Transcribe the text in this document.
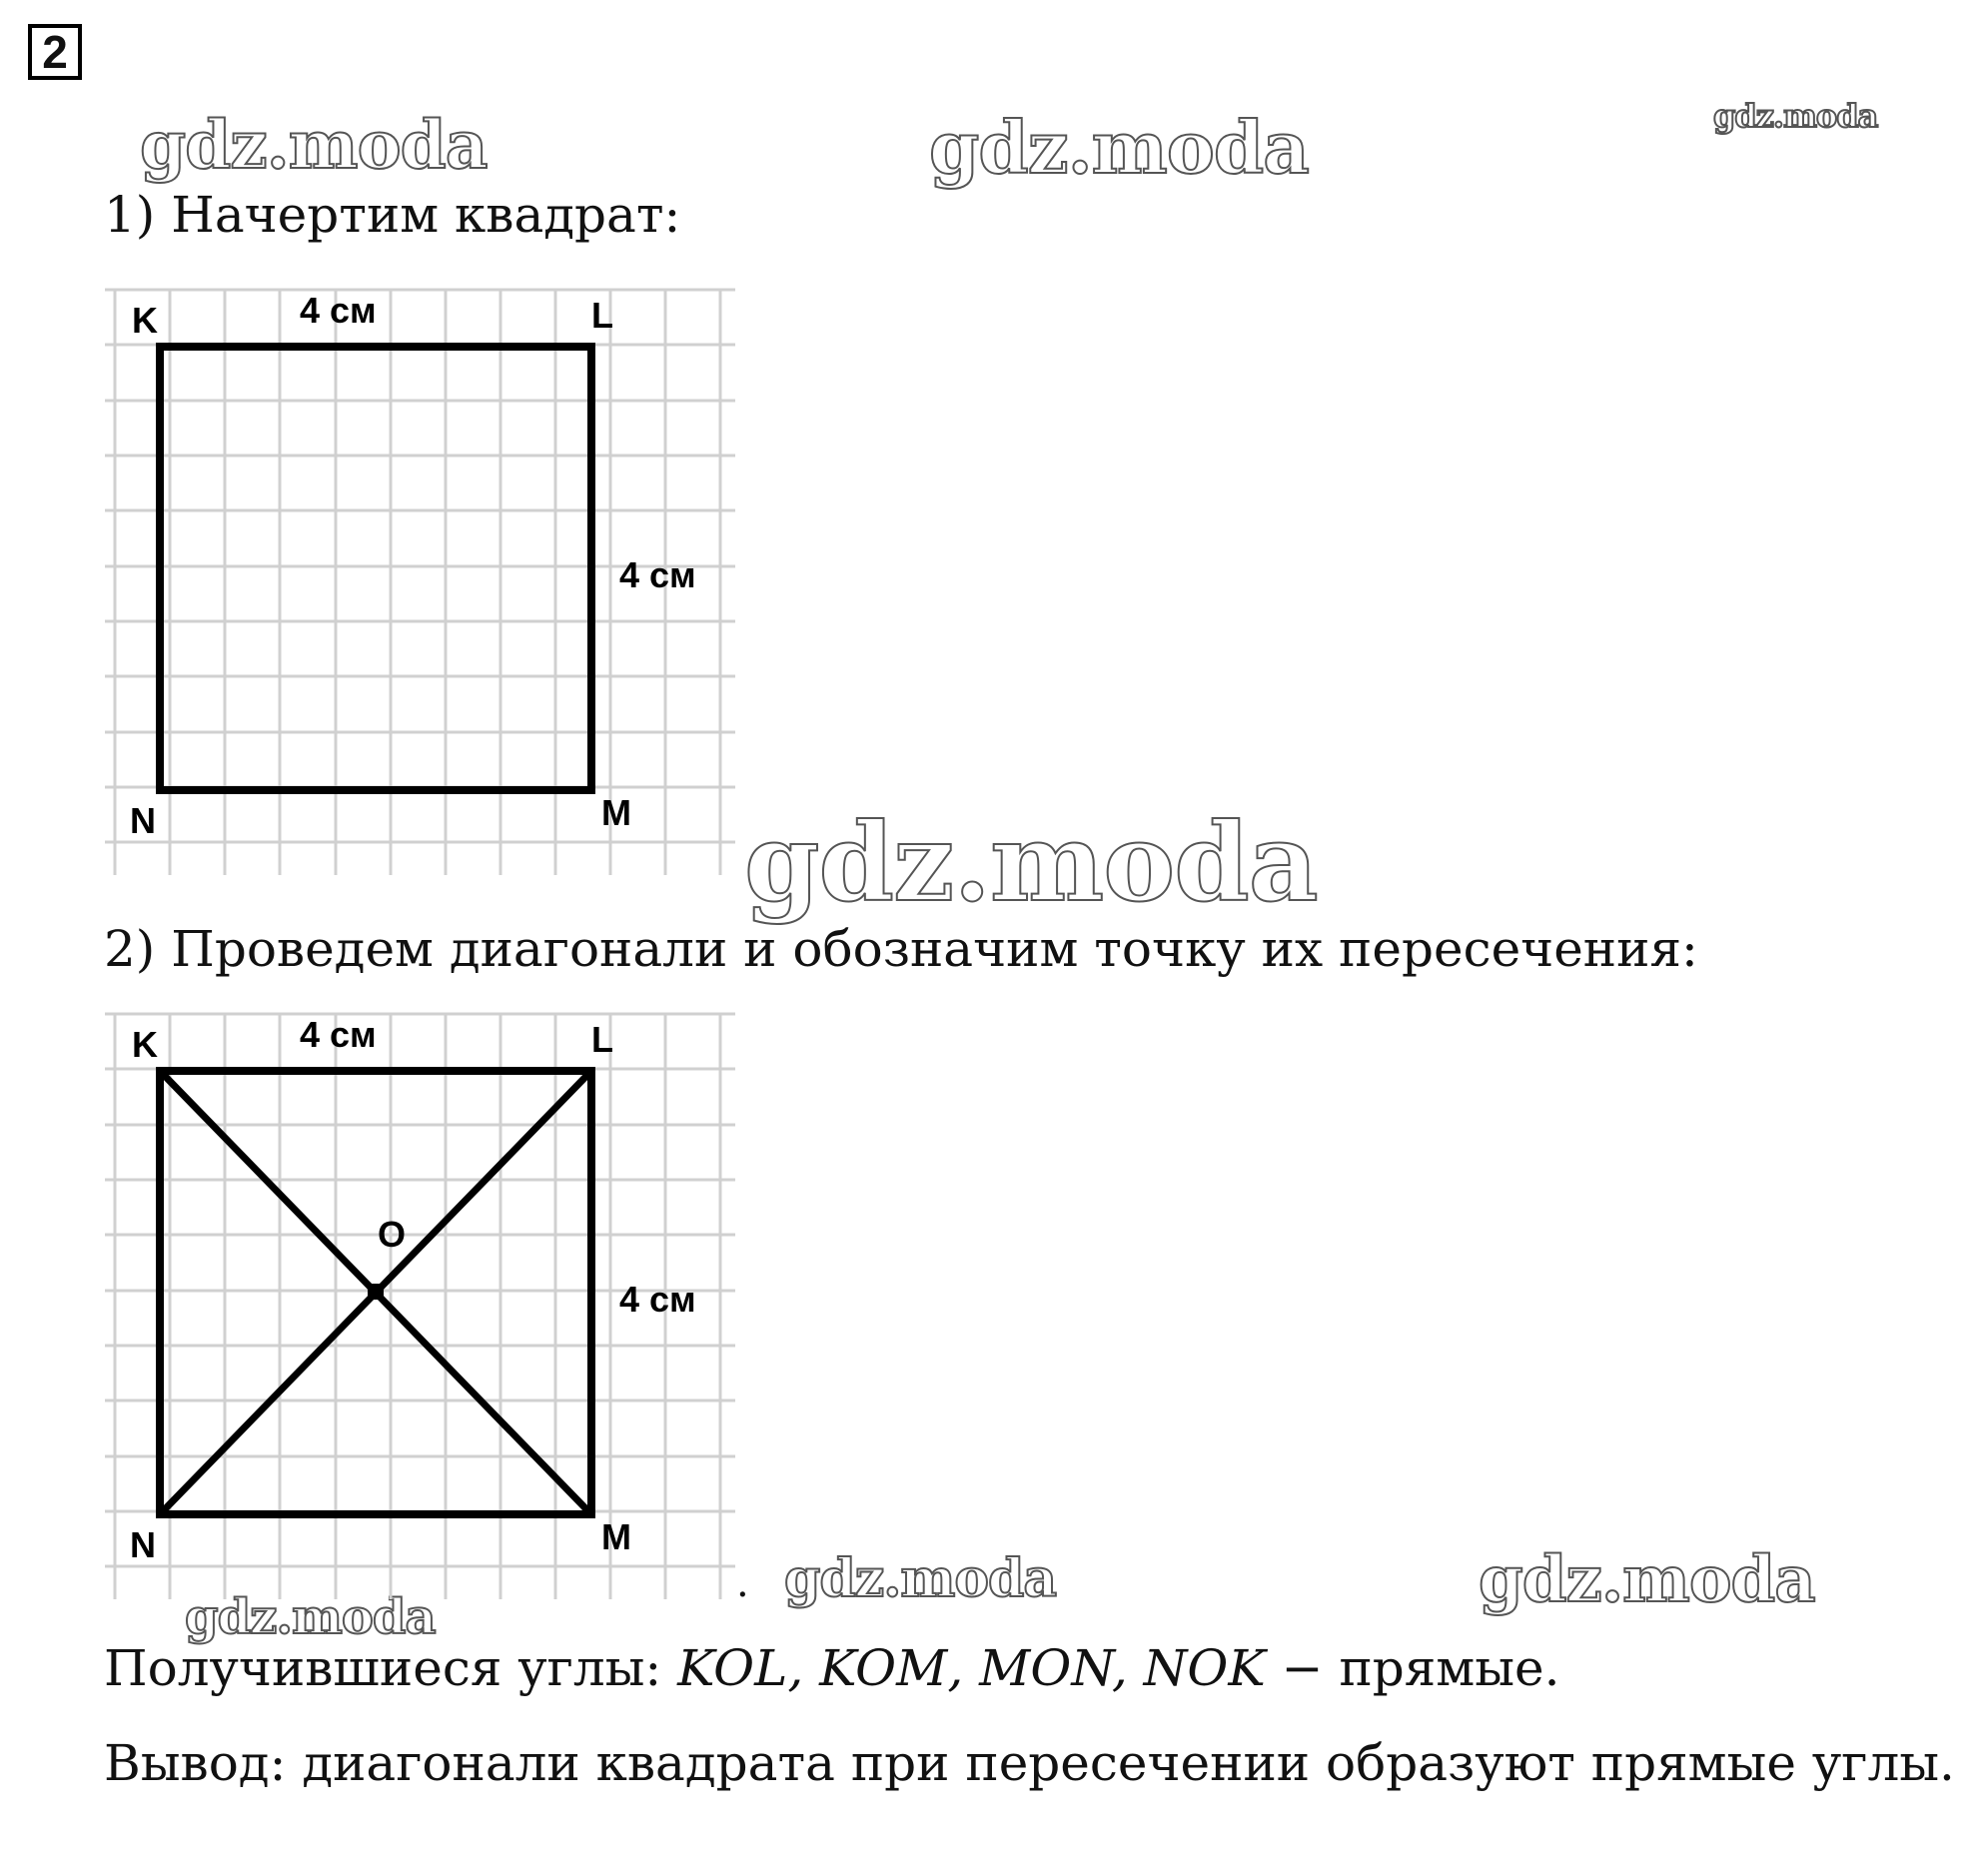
2
gdz.moda	gdz.moda	gdz.moda
gdz.moda
gdz.moda	gdz.moda
gdz.moda
1) Начертим квадрат:
K	L
M
N
4 см
4 см
2) Проведем диагонали и обозначим точку их пересечения:
K	L
M
N
O
4 см
4 см
.
Получившиеся углы: KOL, KOM, MON, NOK − прямые.
Вывод: диагонали квадрата при пересечении образуют прямые углы.
